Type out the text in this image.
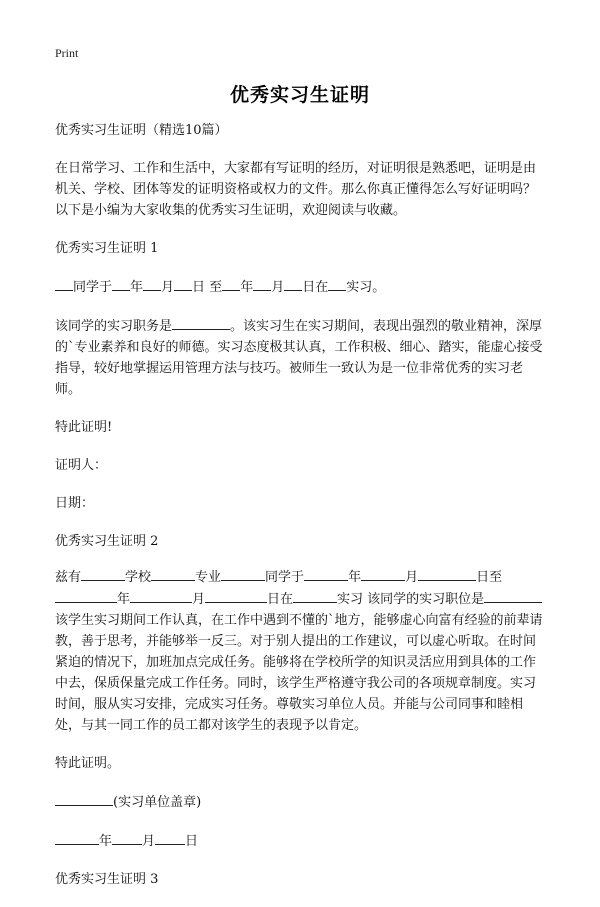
Print
优秀实习生证明

优秀实习生证明（精选10篇）

在日常学习、工作和生活中，大家都有写证明的经历，对证明很是熟悉吧，证明是由机关、学校、团体等发的证明资格或权力的文件。那么你真正懂得怎么写好证明吗？以下是小编为大家收集的优秀实习生证明，欢迎阅读与收藏。

优秀实习生证明 1

同学于 年 月 日 至 年 月 日在 实习。

该同学的实习职务是	。该实习生在实习期间，表现出强烈的敬业精神，深厚的`专业素养和良好的师德。实习态度极其认真，工作积极、细心、踏实，能虚心接受指导，较好地掌握运用管理方法与技巧。被师生一致认为是一位非常优秀的实习老师。

特此证明!

证明人：

日期：

优秀实习生证明 2

兹有	学校	专业	同学于	年	月	日至年	月	日在	实习 该同学的实习职位是该学生实习期间工作认真，在工作中遇到不懂的`地方，能够虚心向富有经验的前辈请教，善于思考，并能够举一反三。对于别人提出的工作建议，可以虚心听取。在时间紧迫的情况下，加班加点完成任务。能够将在学校所学的知识灵活应用到具体的工作中去，保质保量完成工作任务。同时，该学生严格遵守我公司的各项规章制度。实习时间，服从实习安排，完成实习任务。尊敬实习单位人员。并能与公司同事和睦相处，与其一同工作的员工都对该学生的表现予以肯定。

特此证明。

(实习单位盖章)

年 月 日

优秀实习生证明 3
